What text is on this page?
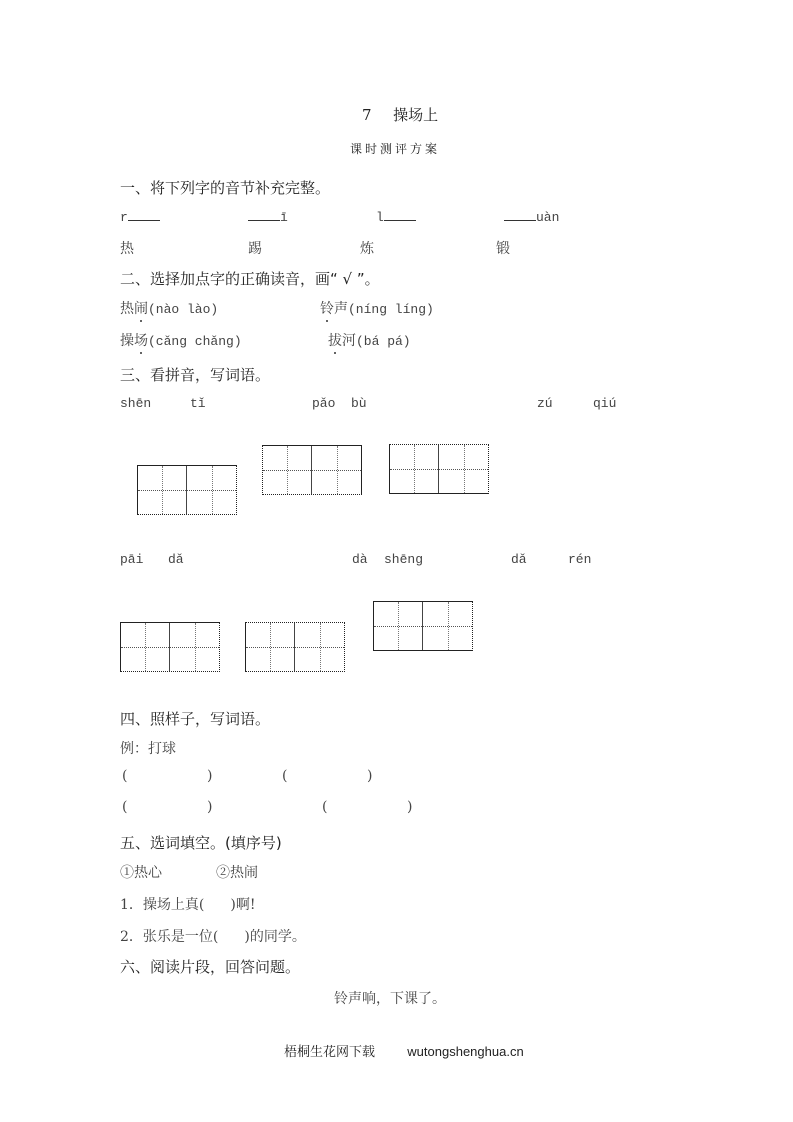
7 操场上
课时测评方案
一、将下列字的音节补充完整。
r	ī	l	uàn
热	踢	炼	锻
二、选择加点字的正确读音，画“ √ ”。
热闹(nào lào)	铃声(níng líng)
操场(cǎng chǎng)	拔河(bá pá)
三、看拼音，写词语。
shēn	tǐ	pǎo bù	zú	qiú
pāi dǎ	dà shēng	dǎ	rén
四、照样子，写词语。
例：打球
(	)	(	)
(	)	(	)
五、选词填空。(填序号)
①热心	②热闹
1．操场上真( )啊!
2．张乐是一位( )的同学。
六、阅读片段，回答问题。
铃声响，下课了。
梧桐生花网下载 wutongshenghua.cn
